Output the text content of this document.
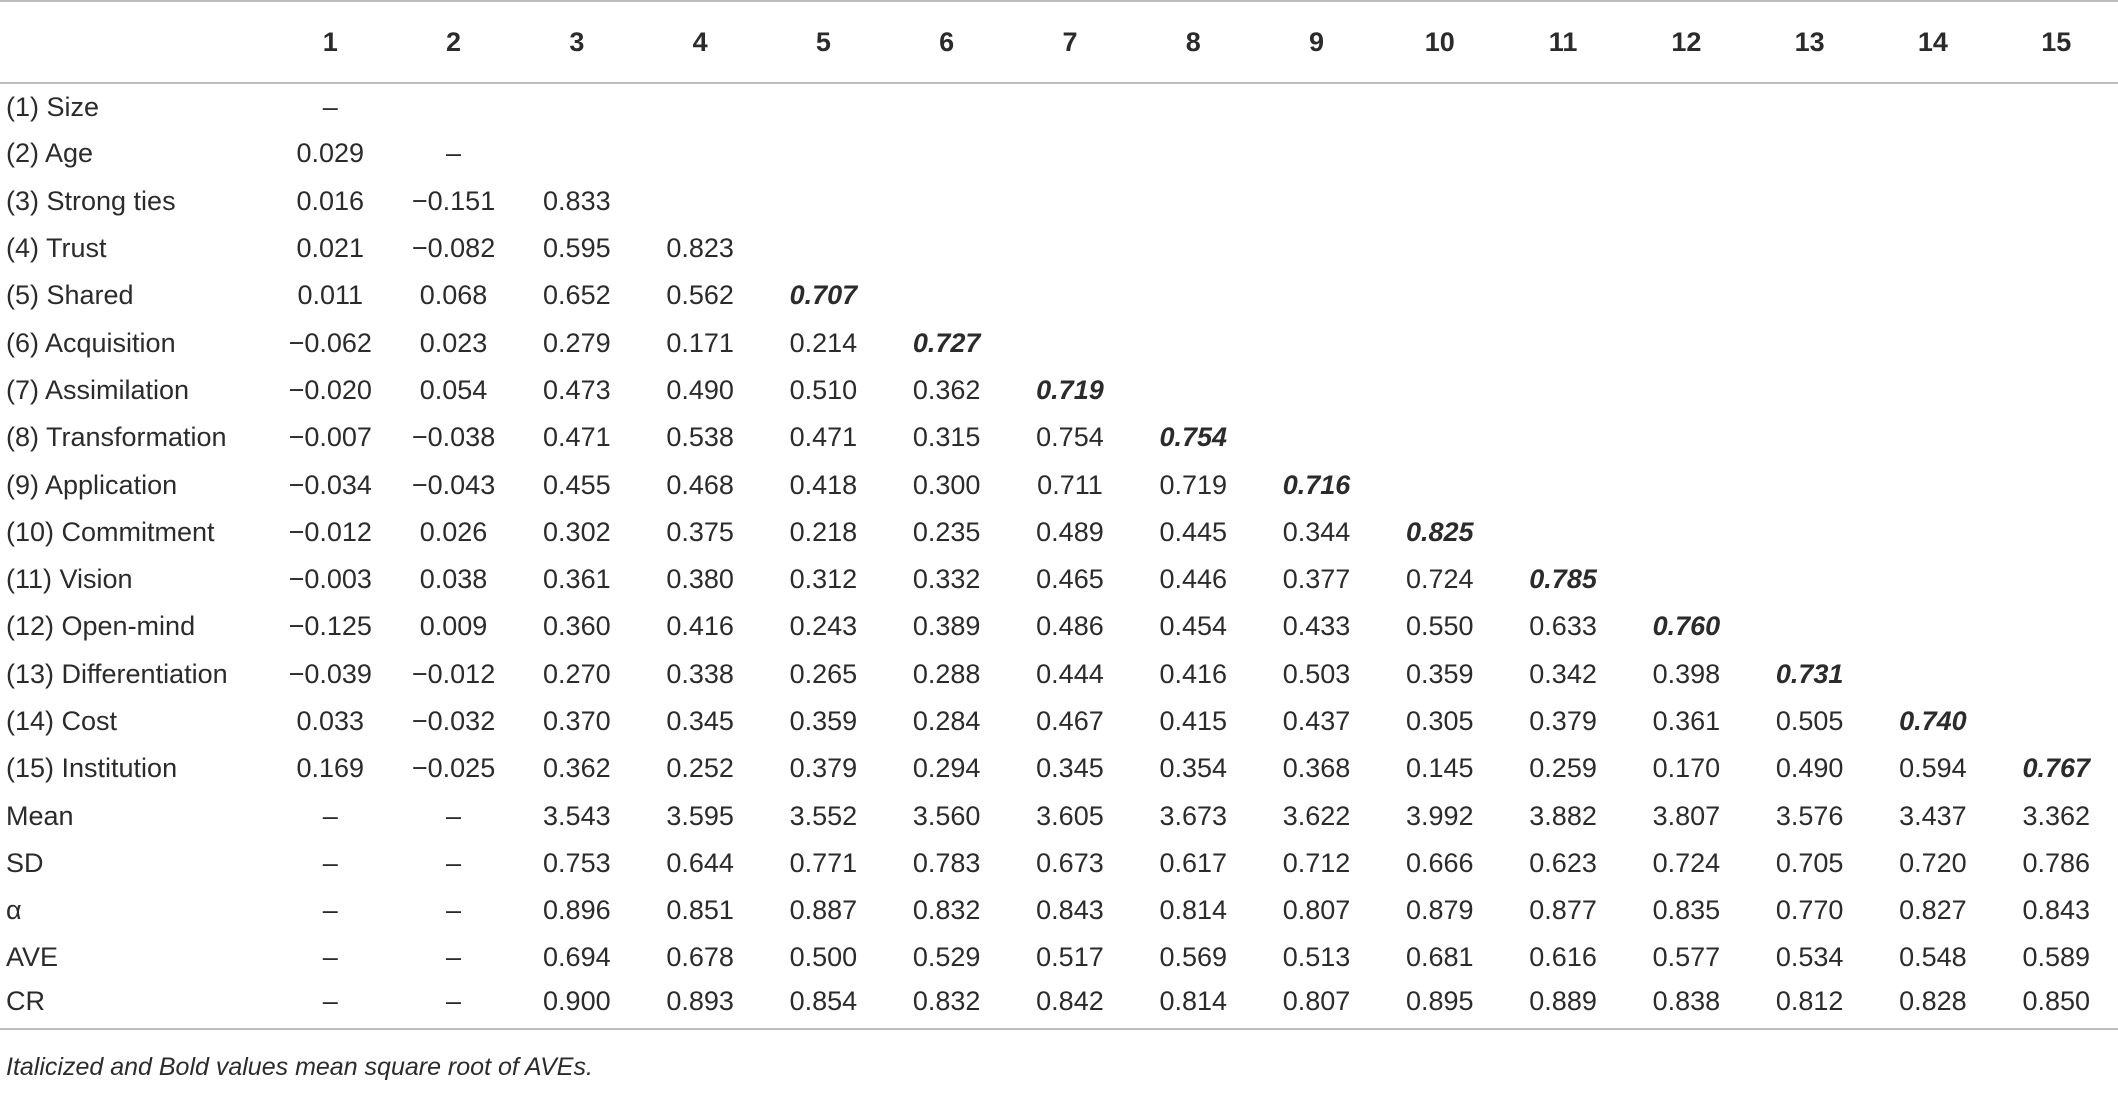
	1	2	3	4	5	6	7	8	9	10	11	12	13	14	15
(1) Size	–														
(2) Age	0.029	–													
(3) Strong ties	0.016	−0.151	0.833												
(4) Trust	0.021	−0.082	0.595	0.823											
(5) Shared	0.011	0.068	0.652	0.562	0.707										
(6) Acquisition	−0.062	0.023	0.279	0.171	0.214	0.727									
(7) Assimilation	−0.020	0.054	0.473	0.490	0.510	0.362	0.719								
(8) Transformation	−0.007	−0.038	0.471	0.538	0.471	0.315	0.754	0.754							
(9) Application	−0.034	−0.043	0.455	0.468	0.418	0.300	0.711	0.719	0.716						
(10) Commitment	−0.012	0.026	0.302	0.375	0.218	0.235	0.489	0.445	0.344	0.825					
(11) Vision	−0.003	0.038	0.361	0.380	0.312	0.332	0.465	0.446	0.377	0.724	0.785				
(12) Open-mind	−0.125	0.009	0.360	0.416	0.243	0.389	0.486	0.454	0.433	0.550	0.633	0.760			
(13) Differentiation	−0.039	−0.012	0.270	0.338	0.265	0.288	0.444	0.416	0.503	0.359	0.342	0.398	0.731		
(14) Cost	0.033	−0.032	0.370	0.345	0.359	0.284	0.467	0.415	0.437	0.305	0.379	0.361	0.505	0.740	
(15) Institution	0.169	−0.025	0.362	0.252	0.379	0.294	0.345	0.354	0.368	0.145	0.259	0.170	0.490	0.594	0.767
Mean	–	–	3.543	3.595	3.552	3.560	3.605	3.673	3.622	3.992	3.882	3.807	3.576	3.437	3.362
SD	–	–	0.753	0.644	0.771	0.783	0.673	0.617	0.712	0.666	0.623	0.724	0.705	0.720	0.786
α	–	–	0.896	0.851	0.887	0.832	0.843	0.814	0.807	0.879	0.877	0.835	0.770	0.827	0.843
AVE	–	–	0.694	0.678	0.500	0.529	0.517	0.569	0.513	0.681	0.616	0.577	0.534	0.548	0.589
CR	–	–	0.900	0.893	0.854	0.832	0.842	0.814	0.807	0.895	0.889	0.838	0.812	0.828	0.850
Italicized and Bold values mean square root of AVEs.
